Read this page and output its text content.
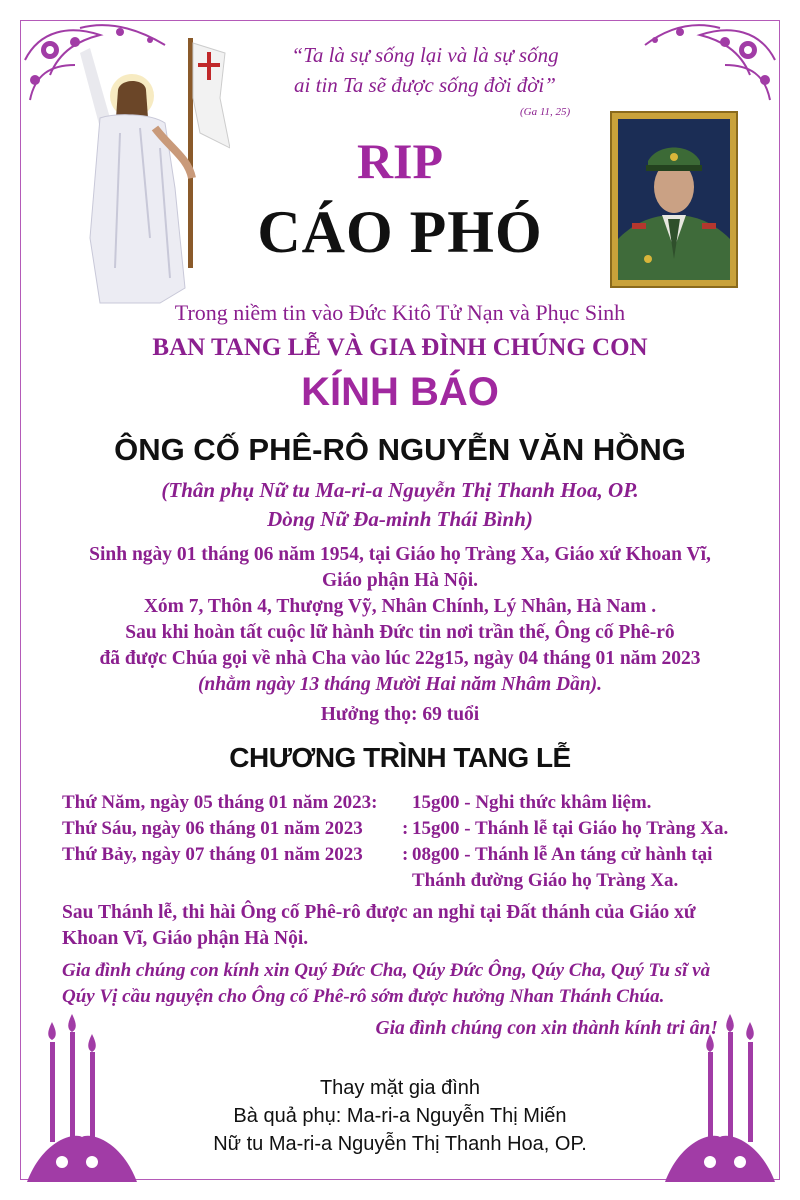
“Ta là sự sống lại và là sự sống
ai tin Ta sẽ được sống đời đời”
(Ga 11, 25)
RIP
CÁO PHÓ
Trong niềm tin vào Đức Kitô Tử Nạn và Phục Sinh
BAN TANG LỄ VÀ GIA ĐÌNH CHÚNG CON
KÍNH BÁO
ÔNG CỐ PHÊ-RÔ NGUYỄN VĂN HỒNG
(Thân phụ Nữ tu Ma-ri-a Nguyễn Thị Thanh Hoa, OP.
Dòng Nữ Đa-minh Thái Bình)
Sinh ngày 01 tháng 06 năm 1954, tại Giáo họ Tràng Xa, Giáo xứ Khoan Vĩ,
Giáo phận Hà Nội.
Xóm 7, Thôn 4, Thượng Vỹ, Nhân Chính, Lý Nhân, Hà Nam .
Sau khi hoàn tất cuộc lữ hành Đức tin nơi trần thế, Ông cố Phê-rô
đã được Chúa gọi về nhà Cha vào lúc 22g15, ngày 04 tháng 01 năm 2023
(nhằm ngày 13 tháng Mười Hai năm Nhâm Dần).
Hưởng thọ: 69 tuổi
CHƯƠNG TRÌNH TANG LỄ
Thứ Năm, ngày 05 tháng 01 năm 2023: 15g00 - Nghi thức khâm liệm.
Thứ Sáu, ngày 06 tháng 01 năm 2023 : 15g00 - Thánh lễ tại Giáo họ Tràng Xa.
Thứ Bảy, ngày 07 tháng 01 năm 2023 : 08g00 - Thánh lễ An táng cử hành tại
Thánh đường Giáo họ Tràng Xa.
Sau Thánh lễ, thi hài Ông cố Phê-rô được an nghỉ tại Đất thánh của Giáo xứ
Khoan Vĩ, Giáo phận Hà Nội.
Gia đình chúng con kính xin Quý Đức Cha, Qúy Đức Ông, Qúy Cha, Quý Tu sĩ và
Qúy Vị cầu nguyện cho Ông cố Phê-rô sớm được hưởng Nhan Thánh Chúa.
Gia đình chúng con xin thành kính tri ân!
Thay mặt gia đình
Bà quả phụ: Ma-ri-a Nguyễn Thị Miến
Nữ tu Ma-ri-a Nguyễn Thị Thanh Hoa, OP.
